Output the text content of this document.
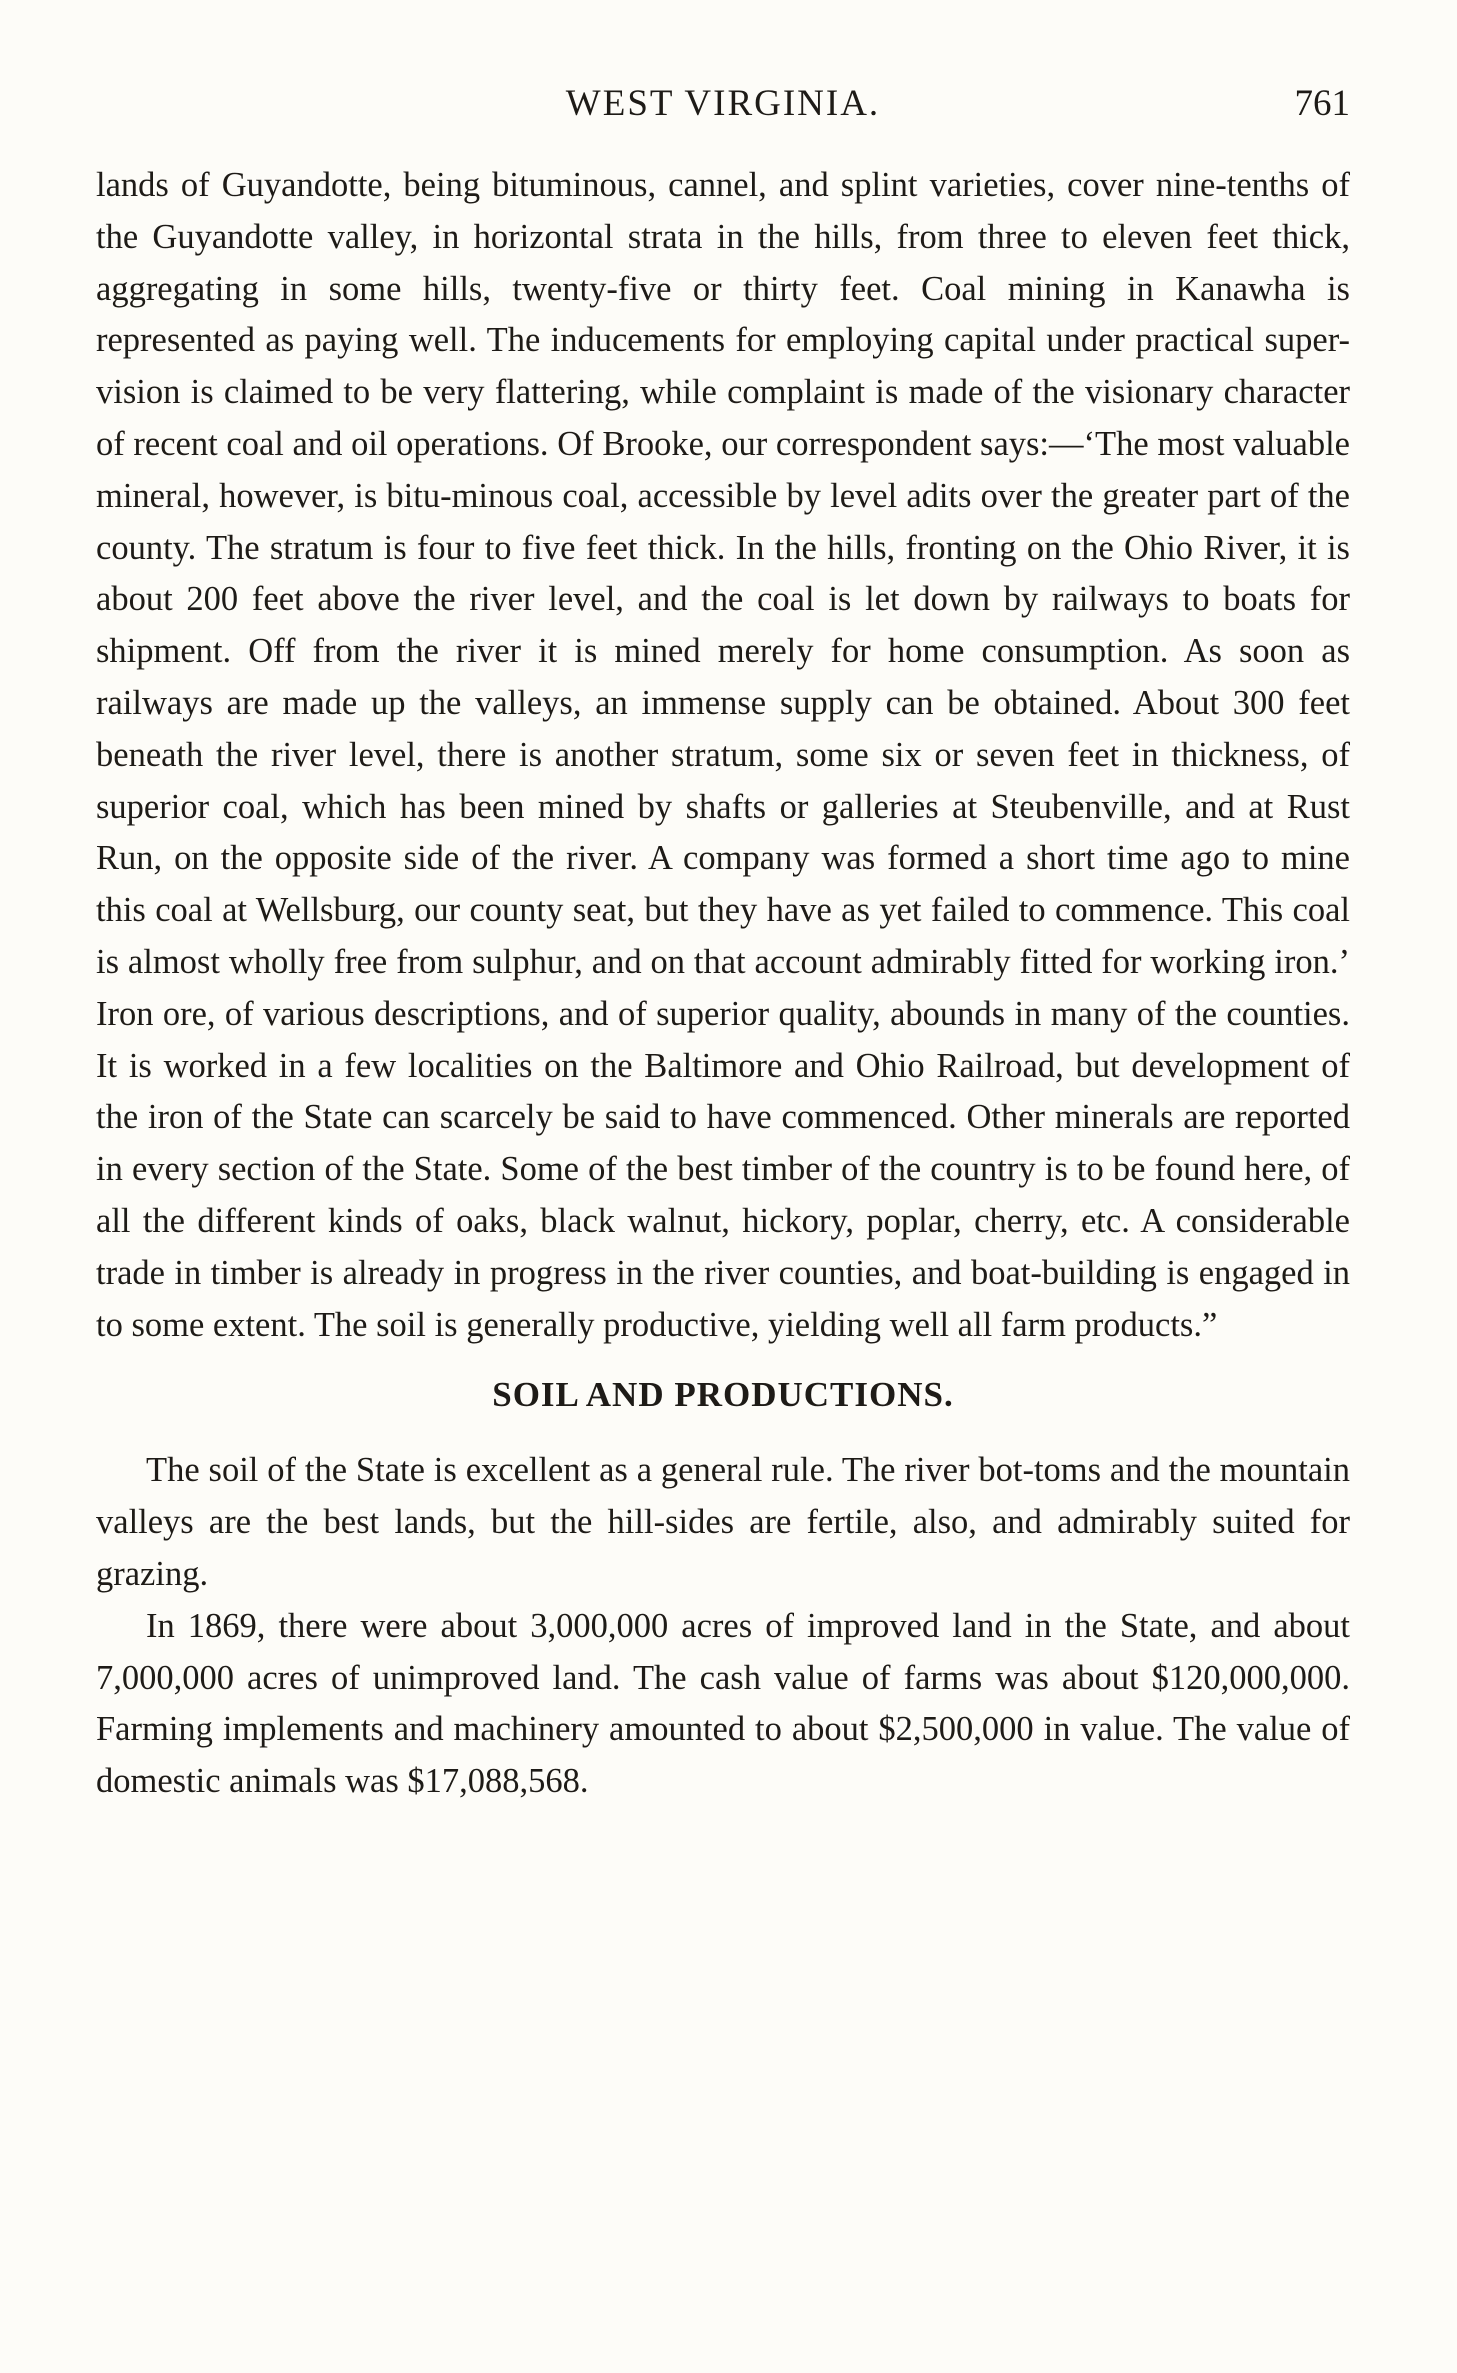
WEST VIRGINIA.	761

lands of Guyandotte, being bituminous, cannel, and splint varieties, cover nine-tenths of the Guyandotte valley, in horizontal strata in the hills, from three to eleven feet thick, aggregating in some hills, twenty-five or thirty feet. Coal mining in Kanawha is represented as paying well. The inducements for employing capital under practical super-vision is claimed to be very flattering, while complaint is made of the visionary character of recent coal and oil operations. Of Brooke, our correspondent says:—‘The most valuable mineral, however, is bitu-minous coal, accessible by level adits over the greater part of the county. The stratum is four to five feet thick. In the hills, fronting on the Ohio River, it is about 200 feet above the river level, and the coal is let down by railways to boats for shipment. Off from the river it is mined merely for home consumption. As soon as railways are made up the valleys, an immense supply can be obtained. About 300 feet beneath the river level, there is another stratum, some six or seven feet in thickness, of superior coal, which has been mined by shafts or galleries at Steubenville, and at Rust Run, on the opposite side of the river. A company was formed a short time ago to mine this coal at Wellsburg, our county seat, but they have as yet failed to commence. This coal is almost wholly free from sulphur, and on that account admirably fitted for working iron.’ Iron ore, of various descriptions, and of superior quality, abounds in many of the counties. It is worked in a few localities on the Baltimore and Ohio Railroad, but development of the iron of the State can scarcely be said to have commenced. Other minerals are reported in every section of the State. Some of the best timber of the country is to be found here, of all the different kinds of oaks, black walnut, hickory, poplar, cherry, etc. A considerable trade in timber is already in progress in the river counties, and boat-building is engaged in to some extent. The soil is generally productive, yielding well all farm products.”

SOIL AND PRODUCTIONS.

The soil of the State is excellent as a general rule. The river bot-toms and the mountain valleys are the best lands, but the hill-sides are fertile, also, and admirably suited for grazing.

In 1869, there were about 3,000,000 acres of improved land in the State, and about 7,000,000 acres of unimproved land. The cash value of farms was about $120,000,000. Farming implements and machinery amounted to about $2,500,000 in value. The value of domestic animals was $17,088,568.
